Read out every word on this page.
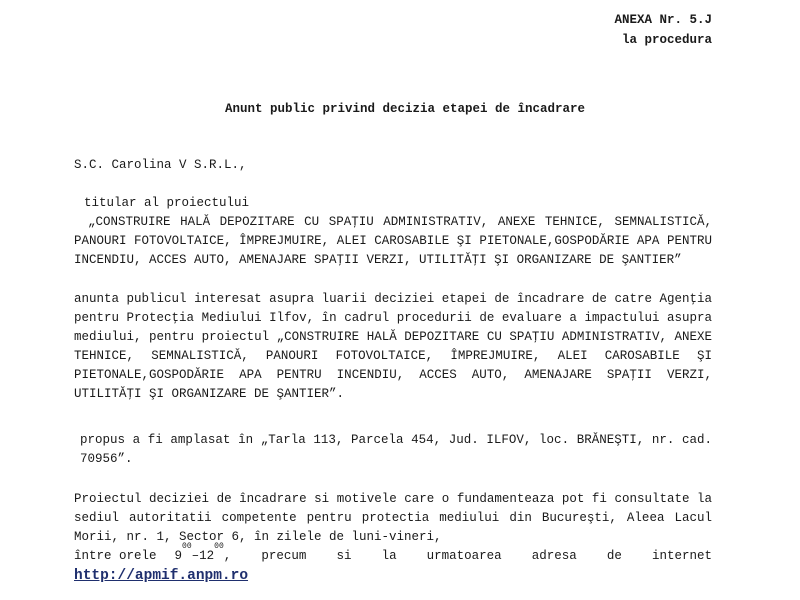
ANEXA Nr. 5.J
la procedura
Anunt public privind decizia etapei de încadrare
S.C. Carolina V S.R.L.,
titular al proiectului
„CONSTRUIRE HALĂ DEPOZITARE CU SPAŢIU ADMINISTRATIV, ANEXE TEHNICE, SEMNALISTICĂ, PANOURI FOTOVOLTAICE, ÎMPREJMUIRE, ALEI CAROSABILE ŞI PIETONALE,GOSPODĂRIE APA PENTRU INCENDIU, ACCES AUTO, AMENAJARE SPAŢII VERZI, UTILITĂŢI ŞI ORGANIZARE DE ŞANTIER”
anunta publicul interesat asupra luarii deciziei etapei de încadrare de catre Agenţia pentru Protecţia Mediului Ilfov, în cadrul procedurii de evaluare a impactului asupra mediului, pentru proiectul „CONSTRUIRE HALĂ DEPOZITARE CU SPAŢIU ADMINISTRATIV, ANEXE TEHNICE, SEMNALISTICĂ, PANOURI FOTOVOLTAICE, ÎMPREJMUIRE, ALEI CAROSABILE ŞI PIETONALE,GOSPODĂRIE APA PENTRU INCENDIU, ACCES AUTO, AMENAJARE SPAŢII VERZI, UTILITĂŢI ŞI ORGANIZARE DE ŞANTIER”.
propus a fi amplasat în „Tarla 113, Parcela 454, Jud. ILFOV, loc. BRĂNEŞTI, nr. cad. 70956”.
Proiectul deciziei de încadrare si motivele care o fundamenteaza pot fi consultate la sediul autoritatii competente pentru protectia mediului din Bucureşti, Aleea Lacul Morii, nr. 1, Sector 6, în zilele de luni-vineri,
între orele 9
00
– 12
00
, precum si la urmatoarea adresa de internet
http://apmif.anpm.ro
